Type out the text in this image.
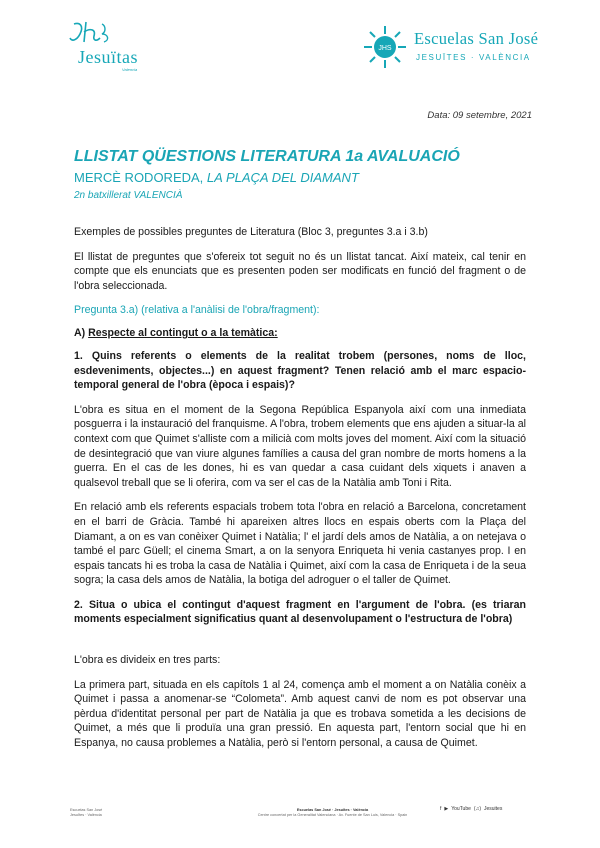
Jesuïtas
Valencia
JHS
Escuelas San José
JESUÏTES · VALÈNCIA
Data: 09 setembre, 2021
LLISTAT QÜESTIONS LITERATURA 1a AVALUACIÓ
MERCÈ RODOREDA, LA PLAÇA DEL DIAMANT
2n batxillerat VALENCIÀ

Exemples de possibles preguntes de Literatura (Bloc 3, preguntes 3.a i 3.b)

El llistat de preguntes que s'ofereix tot seguit no és un llistat tancat. Així mateix, cal tenir en compte que els enunciats que es presenten poden ser modificats en funció del fragment o de l'obra seleccionada.

Pregunta 3.a) (relativa a l'anàlisi de l'obra/fragment):
A) Respecte al contingut o a la temàtica:
1. Quins referents o elements de la realitat trobem (persones, noms de lloc, esdeveniments, objectes...) en aquest fragment? Tenen relació amb el marc espacio-temporal general de l'obra (època i espais)?

L'obra es situa en el moment de la Segona República Espanyola així com una inmediata posguerra i la instauració del franquisme. A l'obra, trobem elements que ens ajuden a situar-la al context com que Quimet s'alliste com a milicià com molts joves del moment. Així com la situació de desintegració que van viure algunes famílies a causa del gran nombre de morts homens a la guerra. En el cas de les dones, hi es van quedar a casa cuidant dels xiquets i anaven a qualsevol treball que se li oferira, com va ser el cas de la Natàlia amb Toni i Rita.

En relació amb els referents espacials trobem tota l'obra en relació a Barcelona, concretament en el barri de Gràcia. També hi apareixen altres llocs en espais oberts com la Plaça del Diamant, a on es van conèixer Quimet i Natàlia; l' el jardí dels amos de Natàlia, a on netejava o també el parc Güell; el cinema Smart, a on la senyora Enriqueta hi venia castanyes prop. I en espais tancats hi es troba la casa de Natàlia i Quimet, així com la casa de Enriqueta i de la seua sogra; la casa dels amos de Natàlia, la botiga del adroguer o el taller de Quimet.

2. Situa o ubica el contingut d'aquest fragment en l'argument de l'obra. (es triaran moments especialment significatius quant al desenvolupament o l'estructura de l'obra)

L'obra es divideix en tres parts:

La primera part, situada en els capítols 1 al 24, comença amb el moment a on Natàlia conèix a Quimet i passa a anomenar-se “Colometa”. Amb aquest canvi de nom es pot observar una pèrdua d'identitat personal per part de Natàlia ja que es trobava sometida a les decisions de Quimet, a més que li produïa una gran pressió. En aquesta part, l'entorn social que hi en Espanya, no causa problemes a Natàlia, però si l'entorn personal, a causa de Quimet.

Escuelas San José
Jesuïtes · València
Escuelas San José · Jesuïtes · València
Centre concertat per la Generalitat Valenciana · Av. Fuente de San Luis, Valencia · Spain
f ▶ YouTube (♫) Jesuites
